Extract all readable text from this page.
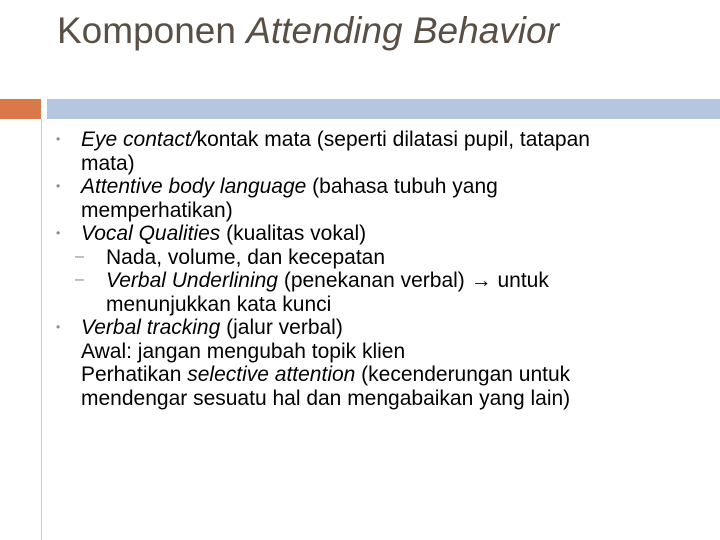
Komponen Attending Behavior
• Eye contact/kontak mata (seperti dilatasi pupil, tatapan
mata)
• Attentive body language (bahasa tubuh yang
memperhatikan)
• Vocal Qualities (kualitas vokal)
– Nada, volume, dan kecepatan
– Verbal Underlining (penekanan verbal) → untuk
menunjukkan kata kunci
• Verbal tracking (jalur verbal)
Awal: jangan mengubah topik klien
Perhatikan selective attention (kecenderungan untuk
mendengar sesuatu hal dan mengabaikan yang lain)
